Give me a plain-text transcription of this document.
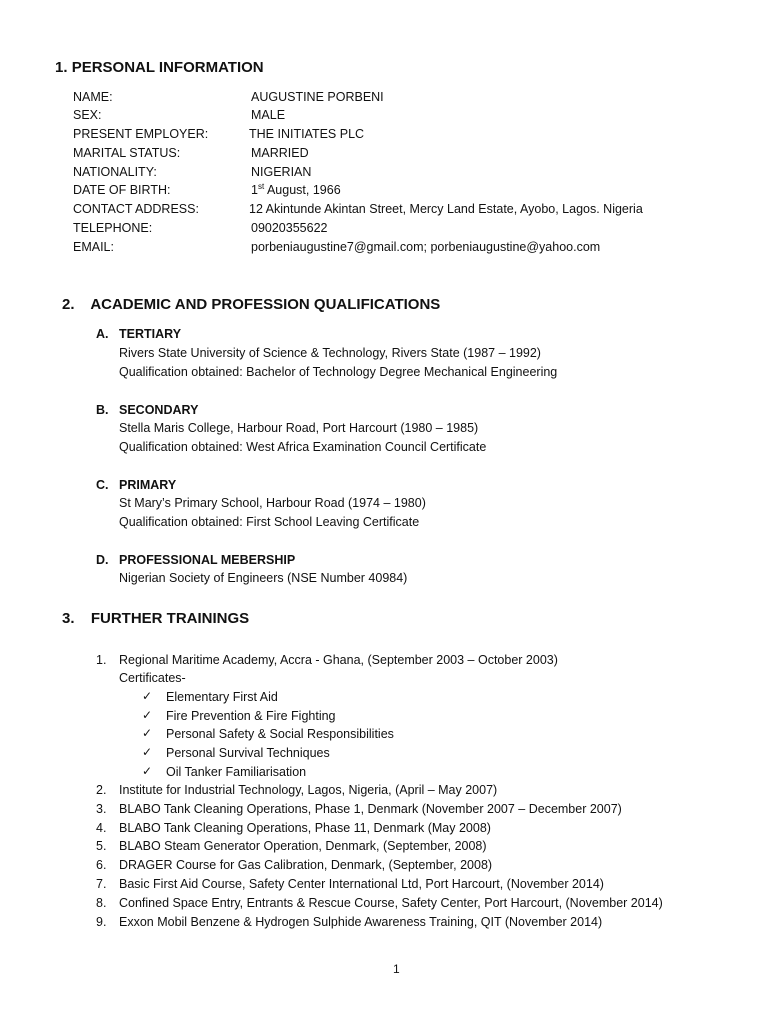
1. PERSONAL INFORMATION
NAME:	AUGUSTINE PORBENI
SEX:	MALE
PRESENT EMPLOYER:	THE INITIATES PLC
MARITAL STATUS:	MARRIED
NATIONALITY:	NIGERIAN
DATE OF BIRTH:	1st August, 1966
CONTACT ADDRESS:	12 Akintunde Akintan Street, Mercy Land Estate, Ayobo, Lagos. Nigeria
TELEPHONE:	09020355622
EMAIL:	porbeniaugustine7@gmail.com; porbeniaugustine@yahoo.com
2. ACADEMIC AND PROFESSION QUALIFICATIONS
A. TERTIARY
Rivers State University of Science & Technology, Rivers State (1987 – 1992)
Qualification obtained: Bachelor of Technology Degree Mechanical Engineering
B. SECONDARY
Stella Maris College, Harbour Road, Port Harcourt (1980 – 1985)
Qualification obtained: West Africa Examination Council Certificate
C. PRIMARY
St Mary’s Primary School, Harbour Road (1974 – 1980)
Qualification obtained: First School Leaving Certificate
D. PROFESSIONAL MEBERSHIP
Nigerian Society of Engineers (NSE Number 40984)
3. FURTHER TRAININGS
1. Regional Maritime Academy, Accra - Ghana, (September 2003 – October 2003)
Certificates-
✓ Elementary First Aid
✓ Fire Prevention & Fire Fighting
✓ Personal Safety & Social Responsibilities
✓ Personal Survival Techniques
✓ Oil Tanker Familiarisation
2. Institute for Industrial Technology, Lagos, Nigeria, (April – May 2007)
3. BLABO Tank Cleaning Operations, Phase 1, Denmark (November 2007 – December 2007)
4. BLABO Tank Cleaning Operations, Phase 11, Denmark (May 2008)
5. BLABO Steam Generator Operation, Denmark, (September, 2008)
6. DRAGER Course for Gas Calibration, Denmark, (September, 2008)
7. Basic First Aid Course, Safety Center International Ltd, Port Harcourt, (November 2014)
8. Confined Space Entry, Entrants & Rescue Course, Safety Center, Port Harcourt, (November 2014)
9. Exxon Mobil Benzene & Hydrogen Sulphide Awareness Training, QIT (November 2014)
1
